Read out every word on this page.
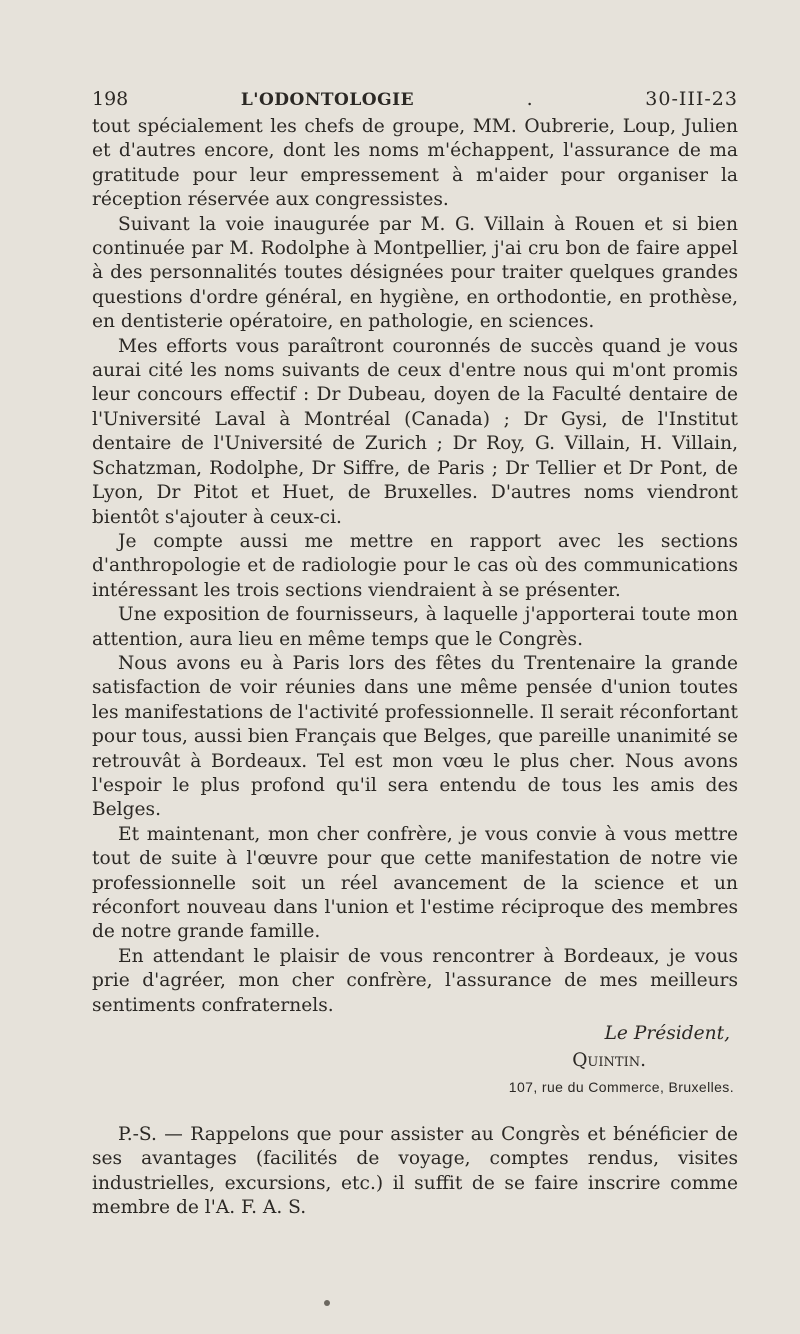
198	L'ODONTOLOGIE	.	30-III-23

tout spécialement les chefs de groupe, MM. Oubrerie, Loup, Julien et d'autres encore, dont les noms m'échappent, l'assurance de ma gratitude pour leur empressement à m'aider pour organiser la réception réservée aux congressistes.

Suivant la voie inaugurée par M. G. Villain à Rouen et si bien continuée par M. Rodolphe à Montpellier, j'ai cru bon de faire appel à des personnalités toutes désignées pour traiter quelques grandes questions d'ordre général, en hygiène, en orthodontie, en prothèse, en dentisterie opératoire, en pathologie, en sciences.

Mes efforts vous paraîtront couronnés de succès quand je vous aurai cité les noms suivants de ceux d'entre nous qui m'ont promis leur concours effectif : Dr Dubeau, doyen de la Faculté dentaire de l'Université Laval à Montréal (Canada) ; Dr Gysi, de l'Institut dentaire de l'Université de Zurich ; Dr Roy, G. Villain, H. Villain, Schatzman, Rodolphe, Dr Siffre, de Paris ; Dr Tellier et Dr Pont, de Lyon, Dr Pitot et Huet, de Bruxelles. D'autres noms viendront bientôt s'ajouter à ceux-ci.

Je compte aussi me mettre en rapport avec les sections d'anthropologie et de radiologie pour le cas où des communications intéressant les trois sections viendraient à se présenter.

Une exposition de fournisseurs, à laquelle j'apporterai toute mon attention, aura lieu en même temps que le Congrès.

Nous avons eu à Paris lors des fêtes du Trentenaire la grande satisfaction de voir réunies dans une même pensée d'union toutes les manifestations de l'activité professionnelle. Il serait réconfortant pour tous, aussi bien Français que Belges, que pareille unanimité se retrouvât à Bordeaux. Tel est mon vœu le plus cher. Nous avons l'espoir le plus profond qu'il sera entendu de tous les amis des Belges.

Et maintenant, mon cher confrère, je vous convie à vous mettre tout de suite à l'œuvre pour que cette manifestation de notre vie professionnelle soit un réel avancement de la science et un réconfort nouveau dans l'union et l'estime réciproque des membres de notre grande famille.

En attendant le plaisir de vous rencontrer à Bordeaux, je vous prie d'agréer, mon cher confrère, l'assurance de mes meilleurs sentiments confraternels.

Le Président,
Quintin.
107, rue du Commerce, Bruxelles.

P.-S. — Rappelons que pour assister au Congrès et bénéficier de ses avantages (facilités de voyage, comptes rendus, visites industrielles, excursions, etc.) il suffit de se faire inscrire comme membre de l'A. F. A. S.
